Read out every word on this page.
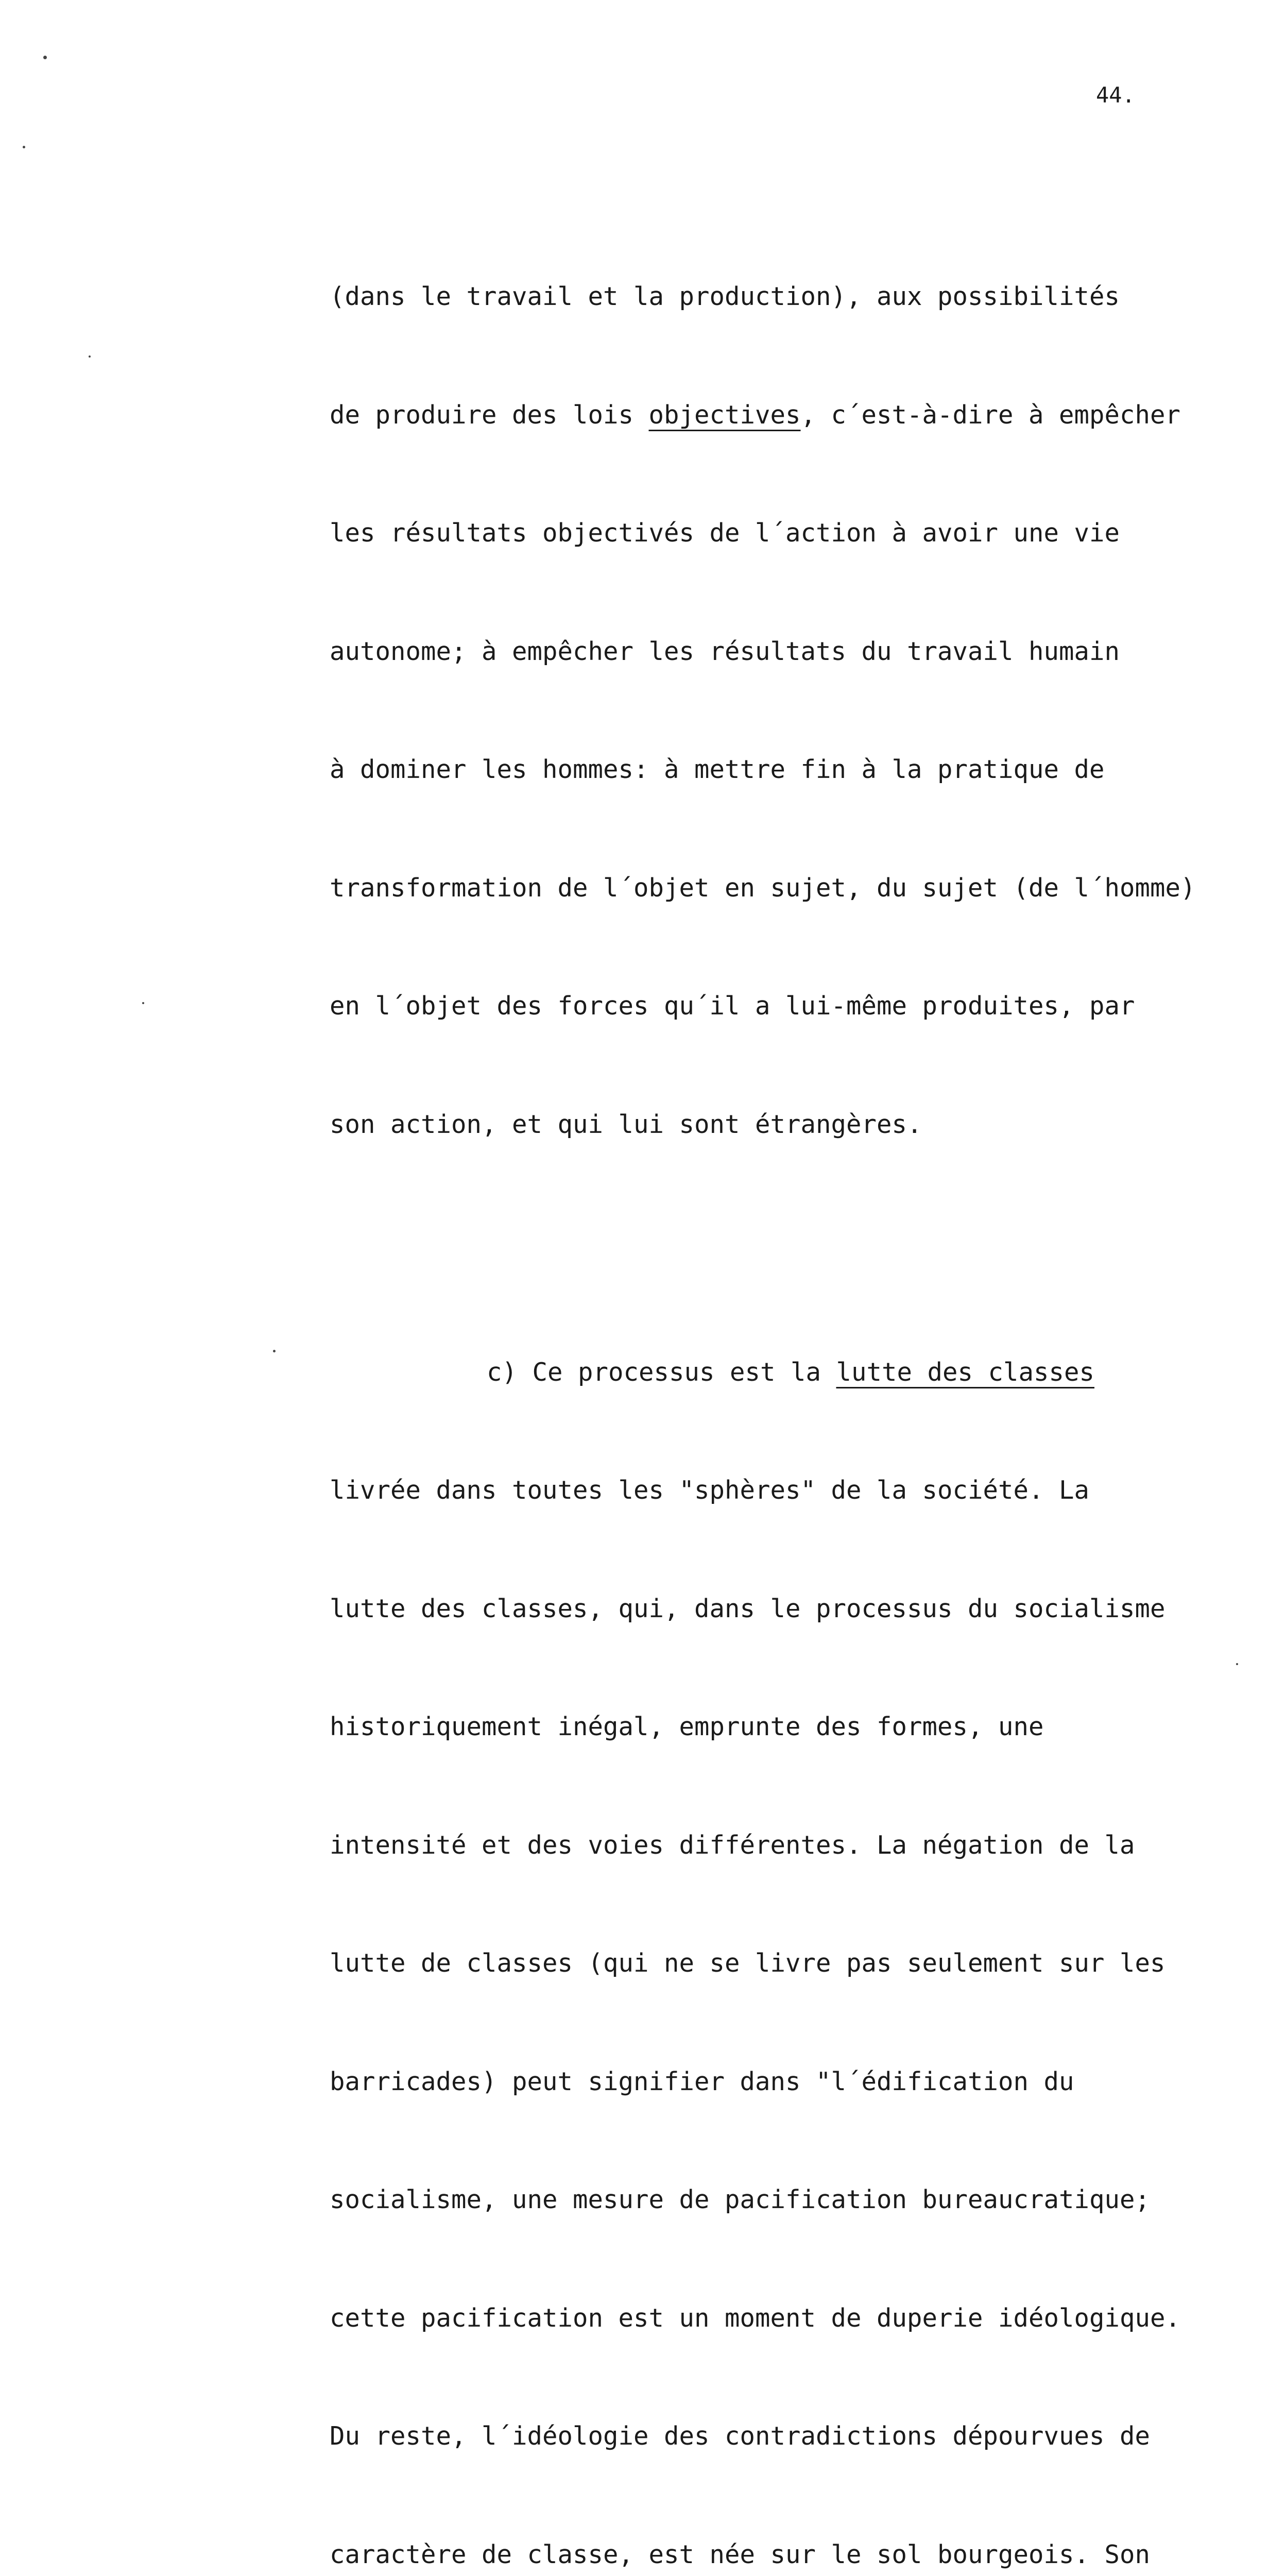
44.

(dans le travail et la production), aux possibilités

de produire des lois objectives, c´est-à-dire à empêcher

les résultats objectivés de l´action à avoir une vie

autonome; à empêcher les résultats du travail humain

à dominer les hommes: à mettre fin à la pratique de

transformation de l´objet en sujet, du sujet (de l´homme)

en l´objet des forces qu´il a lui-même produites, par

son action, et qui lui sont étrangères.

c) Ce processus est la lutte des classes

livrée dans toutes les "sphères" de la société. La

lutte des classes, qui, dans le processus du socialisme

historiquement inégal, emprunte des formes, une

intensité et des voies différentes. La négation de la

lutte de classes (qui ne se livre pas seulement sur les

barricades) peut signifier dans "l´édification du

socialisme, une mesure de pacification bureaucratique;

cette pacification est un moment de duperie idéologique.

Du reste, l´idéologie des contradictions dépourvues de

caractère de classe, est née sur le sol bourgeois. Son
